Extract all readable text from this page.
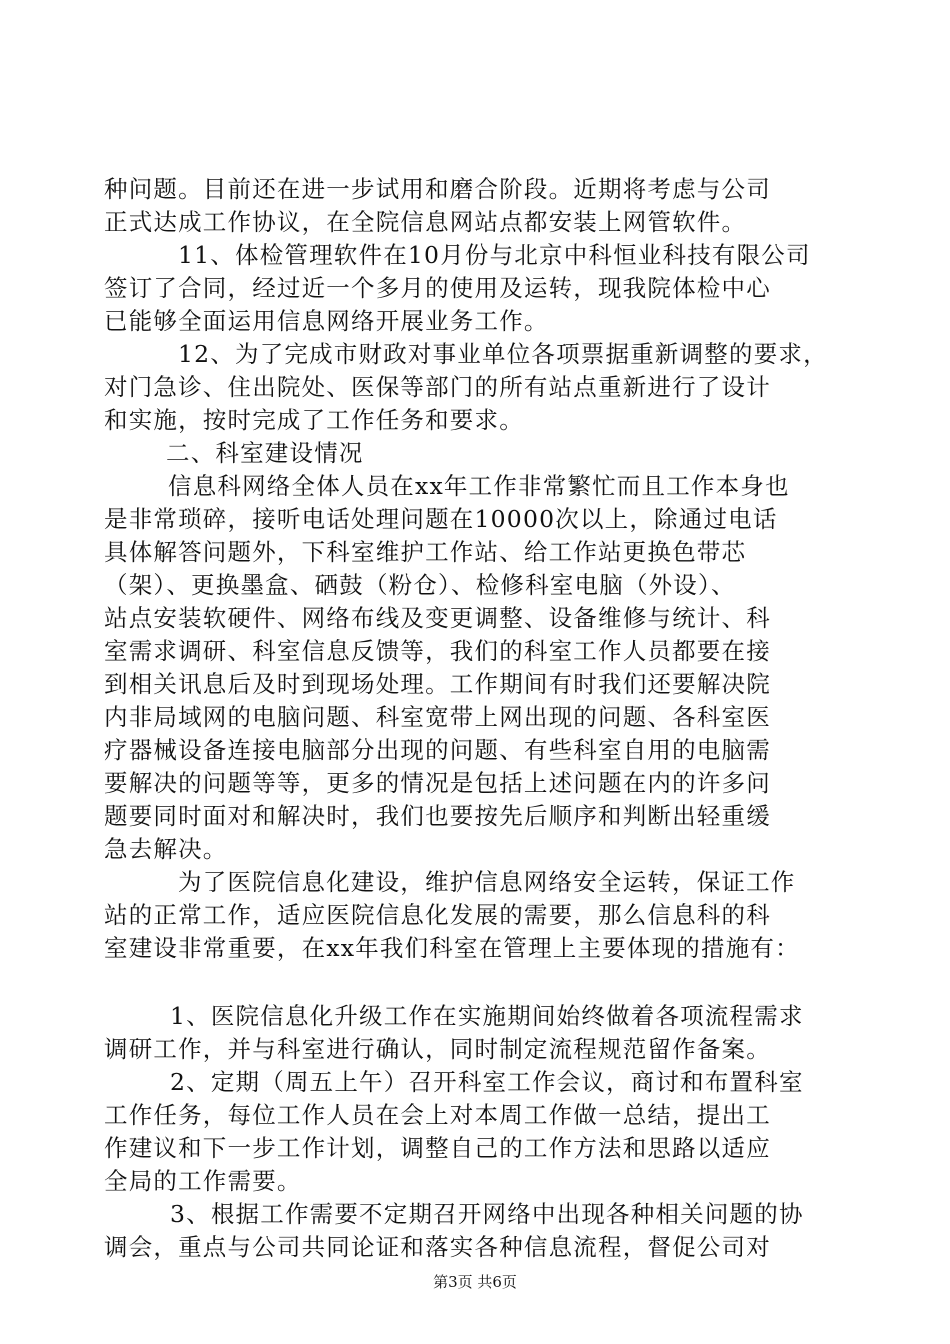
种问题。目前还在进一步试用和磨合阶段。近期将考虑与公司
正式达成工作协议，在全院信息网站点都安装上网管软件。
11、体检管理软件在10月份与北京中科恒业科技有限公司
签订了合同，经过近一个多月的使用及运转，现我院体检中心
已能够全面运用信息网络开展业务工作。
12、为了完成市财政对事业单位各项票据重新调整的要求，
对门急诊、住出院处、医保等部门的所有站点重新进行了设计
和实施，按时完成了工作任务和要求。
二、科室建设情况
信息科网络全体人员在xx年工作非常繁忙而且工作本身也
是非常琐碎，接听电话处理问题在10000次以上，除通过电话
具体解答问题外，下科室维护工作站、给工作站更换色带芯
（架）、更换墨盒、硒鼓（粉仓）、检修科室电脑（外设）、
站点安装软硬件、网络布线及变更调整、设备维修与统计、科
室需求调研、科室信息反馈等，我们的科室工作人员都要在接
到相关讯息后及时到现场处理。工作期间有时我们还要解决院
内非局域网的电脑问题、科室宽带上网出现的问题、各科室医
疗器械设备连接电脑部分出现的问题、有些科室自用的电脑需
要解决的问题等等，更多的情况是包括上述问题在内的许多问
题要同时面对和解决时，我们也要按先后顺序和判断出轻重缓
急去解决。
为了医院信息化建设，维护信息网络安全运转，保证工作
站的正常工作，适应医院信息化发展的需要，那么信息科的科
室建设非常重要，在xx年我们科室在管理上主要体现的措施有：
1、医院信息化升级工作在实施期间始终做着各项流程需求
调研工作，并与科室进行确认，同时制定流程规范留作备案。
2、定期（周五上午）召开科室工作会议，商讨和布置科室
工作任务，每位工作人员在会上对本周工作做一总结，提出工
作建议和下一步工作计划，调整自己的工作方法和思路以适应
全局的工作需要。
3、根据工作需要不定期召开网络中出现各种相关问题的协
调会，重点与公司共同论证和落实各种信息流程，督促公司对
第3页 共6页
